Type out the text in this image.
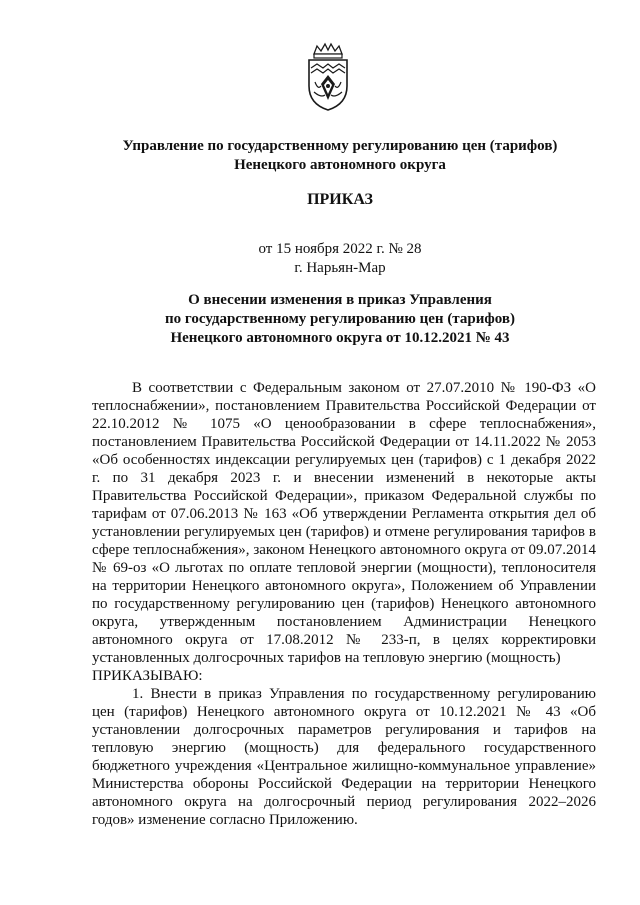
Управление по государственному регулированию цен (тарифов)
Ненецкого автономного округа
ПРИКАЗ
от 15 ноября 2022 г. № 28
г. Нарьян-Мар
О внесении изменения в приказ Управления
по государственному регулированию цен (тарифов)
Ненецкого автономного округа от 10.12.2021 № 43

В соответствии с Федеральным законом от 27.07.2010 № 190-ФЗ «О теплоснабжении», постановлением Правительства Российской Федерации от 22.10.2012 № 1075 «О ценообразовании в сфере теплоснабжения», постановлением Правительства Российской Федерации от 14.11.2022 № 2053 «Об особенностях индексации регулируемых цен (тарифов) с 1 декабря 2022 г. по 31 декабря 2023 г. и внесении изменений в некоторые акты Правительства Российской Федерации», приказом Федеральной службы по тарифам от 07.06.2013 № 163 «Об утверждении Регламента открытия дел об установлении регулируемых цен (тарифов) и отмене регулирования тарифов в сфере теплоснабжения», законом Ненецкого автономного округа от 09.07.2014 № 69-оз «О льготах по оплате тепловой энергии (мощности), теплоносителя на территории Ненецкого автономного округа», Положением об Управлении по государственному регулированию цен (тарифов) Ненецкого автономного округа, утвержденным постановлением Администрации Ненецкого автономного округа от 17.08.2012 № 233-п, в целях корректировки установленных долгосрочных тарифов на тепловую энергию (мощность)

ПРИКАЗЫВАЮ:

1. Внести в приказ Управления по государственному регулированию цен (тарифов) Ненецкого автономного округа от 10.12.2021 № 43 «Об установлении долгосрочных параметров регулирования и тарифов на тепловую энергию (мощность) для федерального государственного бюджетного учреждения «Центральное жилищно-коммунальное управление» Министерства обороны Российской Федерации на территории Ненецкого автономного округа на долгосрочный период регулирования 2022–2026 годов» изменение согласно Приложению.
